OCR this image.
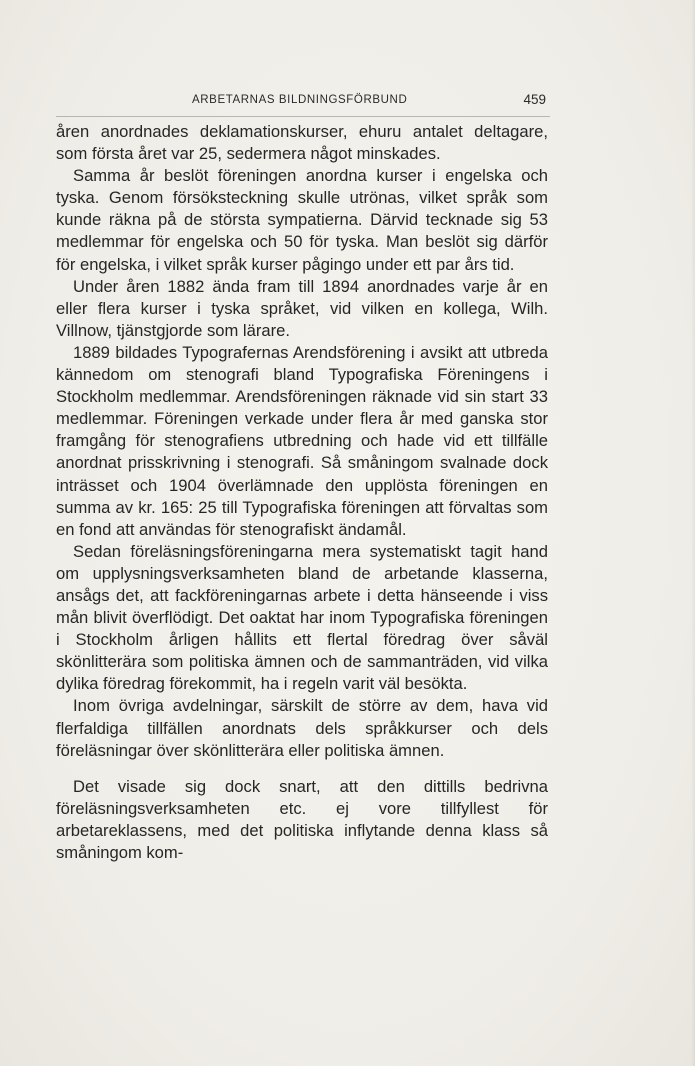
ARBETARNAS BILDNINGSFÖRBUND	459

åren anordnades deklamationskurser, ehuru antalet deltagare, som första året var 25, sedermera något minskades.

Samma år beslöt föreningen anordna kurser i engelska och tyska. Genom försöksteckning skulle utrönas, vilket språk som kunde räkna på de största sympatierna. Därvid tecknade sig 53 medlemmar för engelska och 50 för tyska. Man beslöt sig därför för engelska, i vilket språk kurser pågingo under ett par års tid.

Under åren 1882 ända fram till 1894 anordnades varje år en eller flera kurser i tyska språket, vid vilken en kollega, Wilh. Villnow, tjänstgjorde som lärare.

1889 bildades Typografernas Arendsförening i avsikt att utbreda kännedom om stenografi bland Typografiska Föreningens i Stockholm medlemmar. Arendsföreningen räknade vid sin start 33 medlemmar. Föreningen verkade under flera år med ganska stor framgång för stenografiens utbredning och hade vid ett tillfälle anordnat prisskrivning i stenografi. Så småningom svalnade dock inträsset och 1904 överlämnade den upplösta föreningen en summa av kr. 165: 25 till Typografiska föreningen att förvaltas som en fond att användas för stenografiskt ändamål.

Sedan föreläsningsföreningarna mera systematiskt tagit hand om upplysningsverksamheten bland de arbetande klasserna, ansågs det, att fackföreningarnas arbete i detta hänseende i viss mån blivit överflödigt. Det oaktat har inom Typografiska föreningen i Stockholm årligen hållits ett flertal föredrag över såväl skönlitterära som politiska ämnen och de sammanträden, vid vilka dylika föredrag förekommit, ha i regeln varit väl besökta.

Inom övriga avdelningar, särskilt de större av dem, hava vid flerfaldiga tillfällen anordnats dels språkkurser och dels föreläsningar över skönlitterära eller politiska ämnen.

Det visade sig dock snart, att den dittills bedrivna föreläsningsverksamheten etc. ej vore tillfyllest för arbetareklassens, med det politiska inflytande denna klass så småningom kom-
